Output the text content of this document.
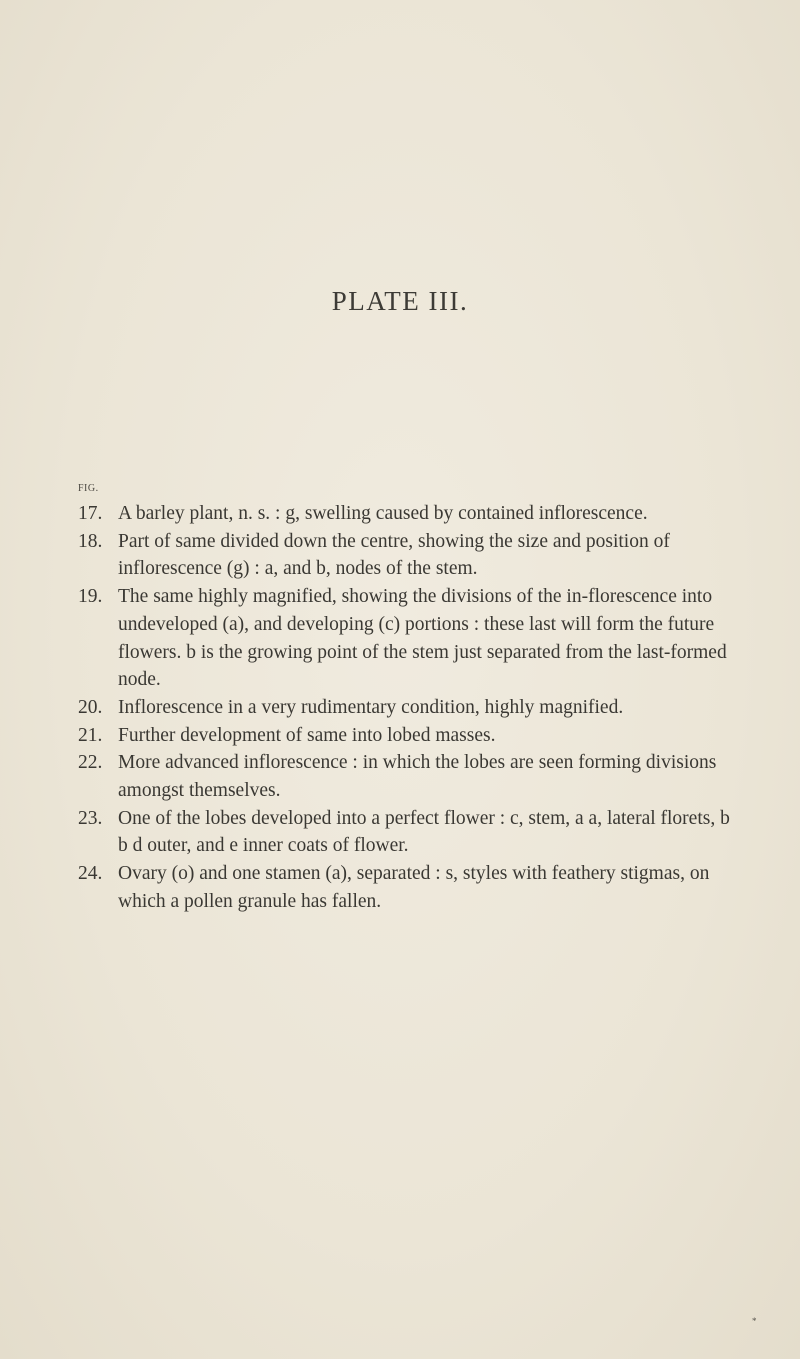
PLATE III.
FIG.
17. A barley plant, n. s. : g, swelling caused by contained inflorescence.
18. Part of same divided down the centre, showing the size and position of inflorescence (g) : a, and b, nodes of the stem.
19. The same highly magnified, showing the divisions of the in-florescence into undeveloped (a), and developing (c) portions : these last will form the future flowers. b is the growing point of the stem just separated from the last-formed node.
20. Inflorescence in a very rudimentary condition, highly magnified.
21. Further development of same into lobed masses.
22. More advanced inflorescence : in which the lobes are seen forming divisions amongst themselves.
23. One of the lobes developed into a perfect flower : c, stem, a a, lateral florets, b b d outer, and e inner coats of flower.
24. Ovary (o) and one stamen (a), separated : s, styles with feathery stigmas, on which a pollen granule has fallen.
*
